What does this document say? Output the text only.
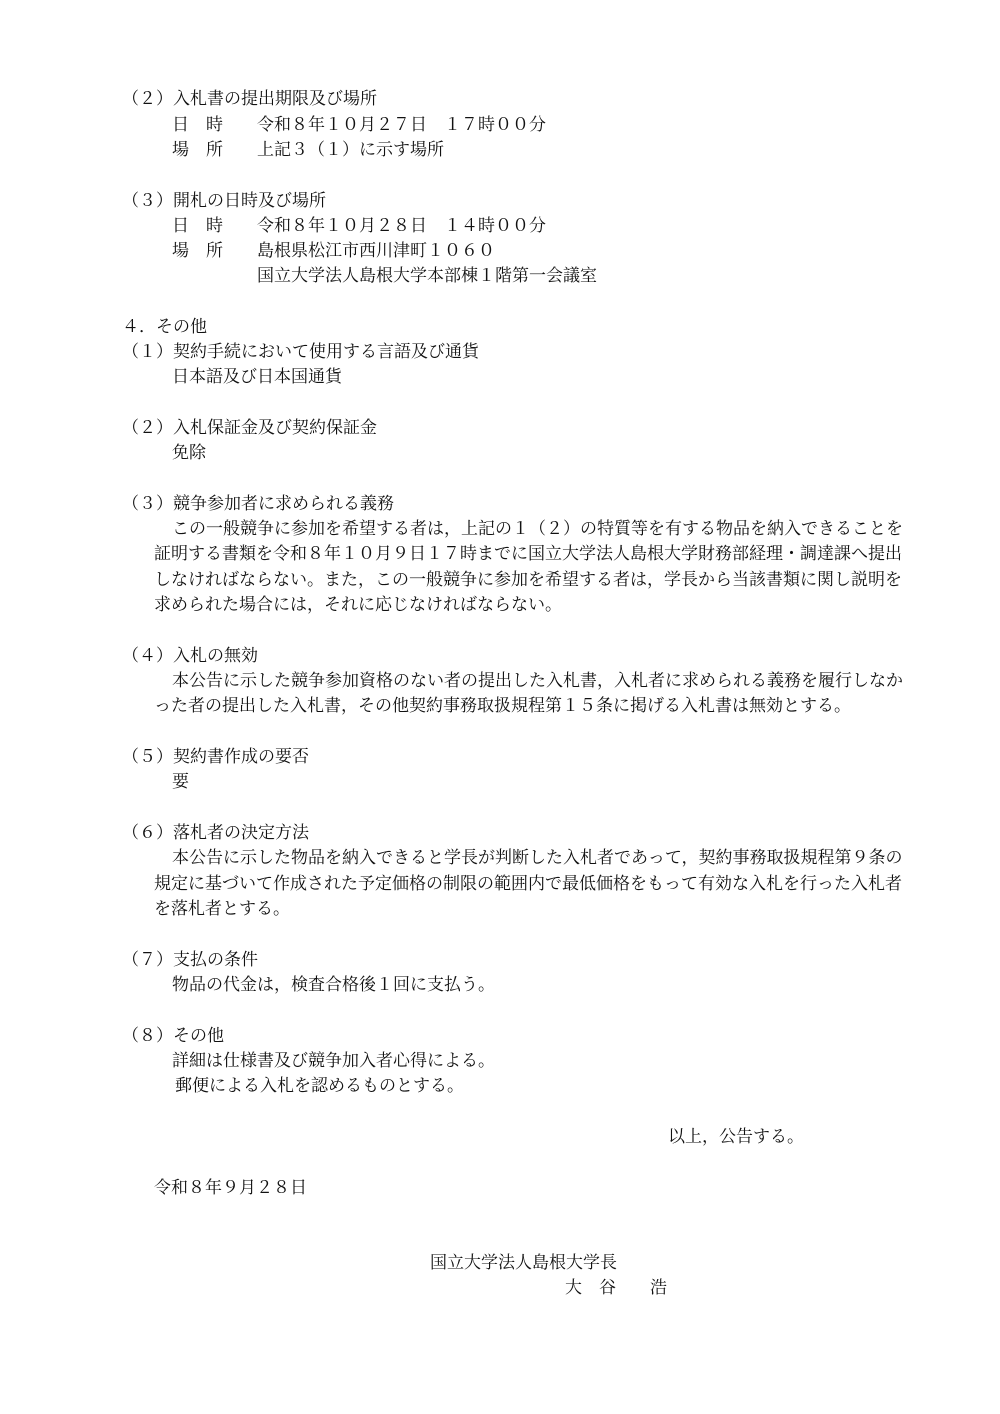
（２）入札書の提出期限及び場所
日　時 令和８年１０月２７日　１７時００分
場　所 上記３（１）に示す場所
（３）開札の日時及び場所
日　時 令和８年１０月２８日　１４時００分
場　所 島根県松江市西川津町１０６０
国立大学法人島根大学本部棟１階第一会議室
４．その他
（１）契約手続において使用する言語及び通貨
日本語及び日本国通貨
（２）入札保証金及び契約保証金
免除
（３）競争参加者に求められる義務
この一般競争に参加を希望する者は，上記の１（２）の特質等を有する物品を納入できることを
証明する書類を令和８年１０月９日１７時までに国立大学法人島根大学財務部経理・調達課へ提出
しなければならない。また，この一般競争に参加を希望する者は，学長から当該書類に関し説明を
求められた場合には，それに応じなければならない。
（４）入札の無効
本公告に示した競争参加資格のない者の提出した入札書，入札者に求められる義務を履行しなか
った者の提出した入札書，その他契約事務取扱規程第１５条に掲げる入札書は無効とする。
（５）契約書作成の要否
要
（６）落札者の決定方法
本公告に示した物品を納入できると学長が判断した入札者であって，契約事務取扱規程第９条の
規定に基づいて作成された予定価格の制限の範囲内で最低価格をもって有効な入札を行った入札者
を落札者とする。
（７）支払の条件
物品の代金は，検査合格後１回に支払う。
（８）その他
詳細は仕様書及び競争加入者心得による。
郵便による入札を認めるものとする。
以上，公告する。
令和８年９月２８日
国立大学法人島根大学長
大　谷　　浩
